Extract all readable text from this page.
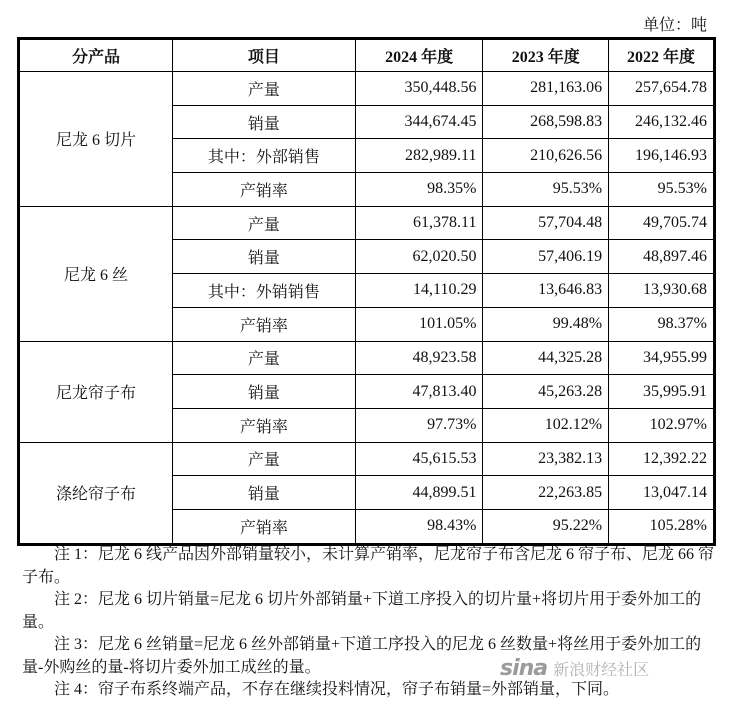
单位：吨
分产品	项目	2024 年度	2023 年度	2022 年度
尼龙 6 切片	产量	350,448.56	281,163.06	257,654.78
	销量	344,674.45	268,598.83	246,132.46
	其中：外部销售	282,989.11	210,626.56	196,146.93
	产销率	98.35%	95.53%	95.53%
尼龙 6 丝	产量	61,378.11	57,704.48	49,705.74
	销量	62,020.50	57,406.19	48,897.46
	其中：外销销售	14,110.29	13,646.83	13,930.68
	产销率	101.05%	99.48%	98.37%
尼龙帘子布	产量	48,923.58	44,325.28	34,955.99
	销量	47,813.40	45,263.28	35,995.91
	产销率	97.73%	102.12%	102.97%
涤纶帘子布	产量	45,615.53	23,382.13	12,392.22
	销量	44,899.51	22,263.85	13,047.14
	产销率	98.43%	95.22%	105.28%

注 1：尼龙 6 线产品因外部销量较小，未计算产销率，尼龙帘子布含尼龙 6 帘子布、尼龙 66 帘子布。

注 2：尼龙 6 切片销量=尼龙 6 切片外部销量+下道工序投入的切片量+将切片用于委外加工的量。

注 3：尼龙 6 丝销量=尼龙 6 丝外部销量+下道工序投入的尼龙 6 丝数量+将丝用于委外加工的量-外购丝的量-将切片委外加工成丝的量。

注 4：帘子布系终端产品，不存在继续投料情况，帘子布销量=外部销量，下同。

sina 新浪财经社区
